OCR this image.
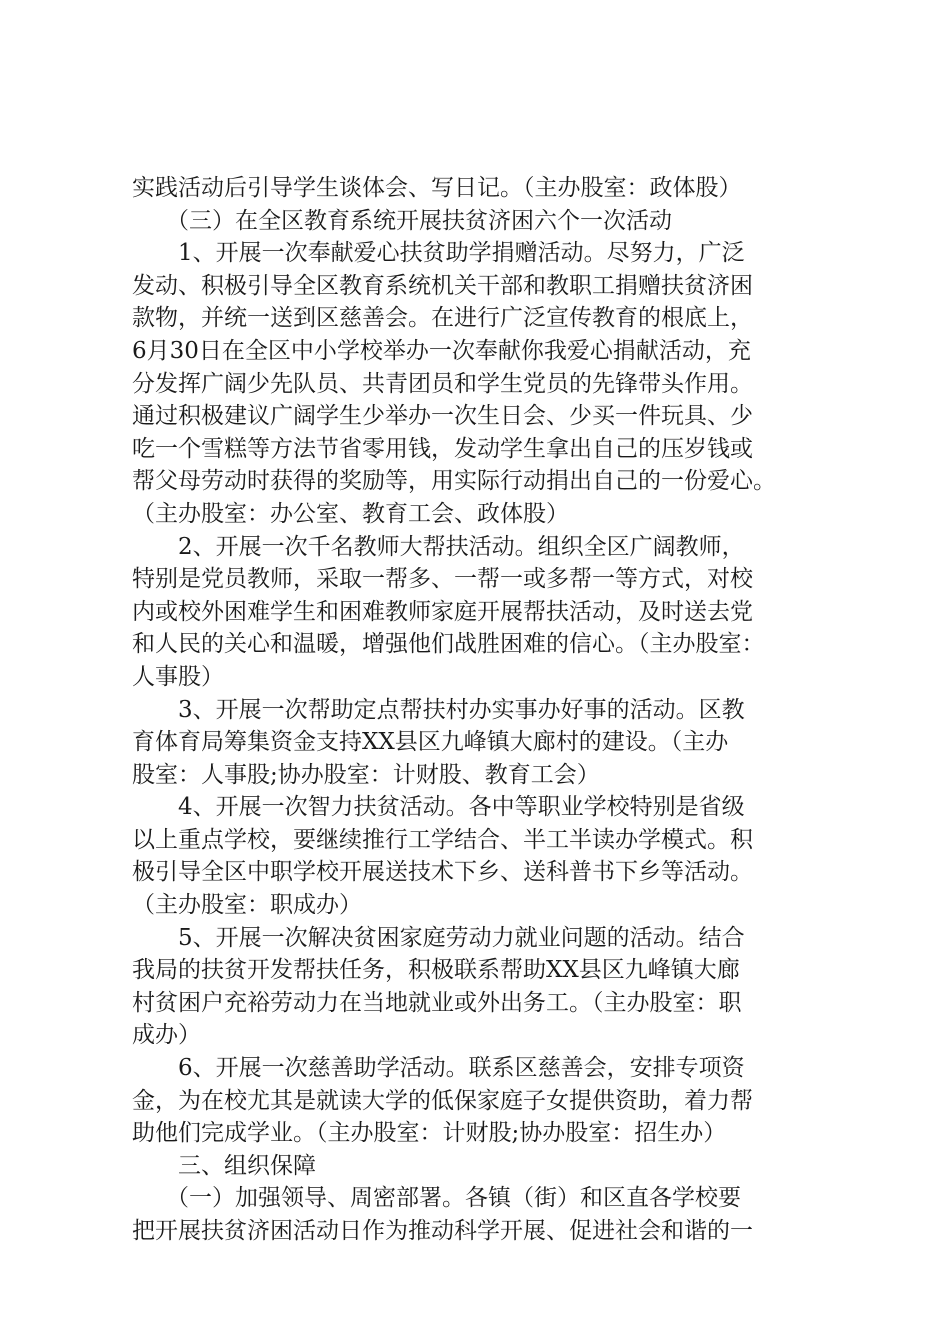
实践活动后引导学生谈体会、写日记。（主办股室：政体股）
（三）在全区教育系统开展扶贫济困六个一次活动
1、开展一次奉献爱心扶贫助学捐赠活动。尽努力，广泛
发动、积极引导全区教育系统机关干部和教职工捐赠扶贫济困
款物，并统一送到区慈善会。在进行广泛宣传教育的根底上，
6月30日在全区中小学校举办一次奉献你我爱心捐献活动，充
分发挥广阔少先队员、共青团员和学生党员的先锋带头作用。
通过积极建议广阔学生少举办一次生日会、少买一件玩具、少
吃一个雪糕等方法节省零用钱，发动学生拿出自己的压岁钱或
帮父母劳动时获得的奖励等，用实际行动捐出自己的一份爱心。
（主办股室：办公室、教育工会、政体股）
2、开展一次千名教师大帮扶活动。组织全区广阔教师，
特别是党员教师，采取一帮多、一帮一或多帮一等方式，对校
内或校外困难学生和困难教师家庭开展帮扶活动，及时送去党
和人民的关心和温暖，增强他们战胜困难的信心。（主办股室：
人事股）
3、开展一次帮助定点帮扶村办实事办好事的活动。区教
育体育局筹集资金支持XX县区九峰镇大廊村的建设。（主办
股室：人事股;协办股室：计财股、教育工会）
4、开展一次智力扶贫活动。各中等职业学校特别是省级
以上重点学校，要继续推行工学结合、半工半读办学模式。积
极引导全区中职学校开展送技术下乡、送科普书下乡等活动。
（主办股室：职成办）
5、开展一次解决贫困家庭劳动力就业问题的活动。结合
我局的扶贫开发帮扶任务，积极联系帮助XX县区九峰镇大廊
村贫困户充裕劳动力在当地就业或外出务工。（主办股室：职
成办）
6、开展一次慈善助学活动。联系区慈善会，安排专项资
金，为在校尤其是就读大学的低保家庭子女提供资助，着力帮
助他们完成学业。（主办股室：计财股;协办股室：招生办）
三、组织保障
（一）加强领导、周密部署。各镇（街）和区直各学校要
把开展扶贫济困活动日作为推动科学开展、促进社会和谐的一
